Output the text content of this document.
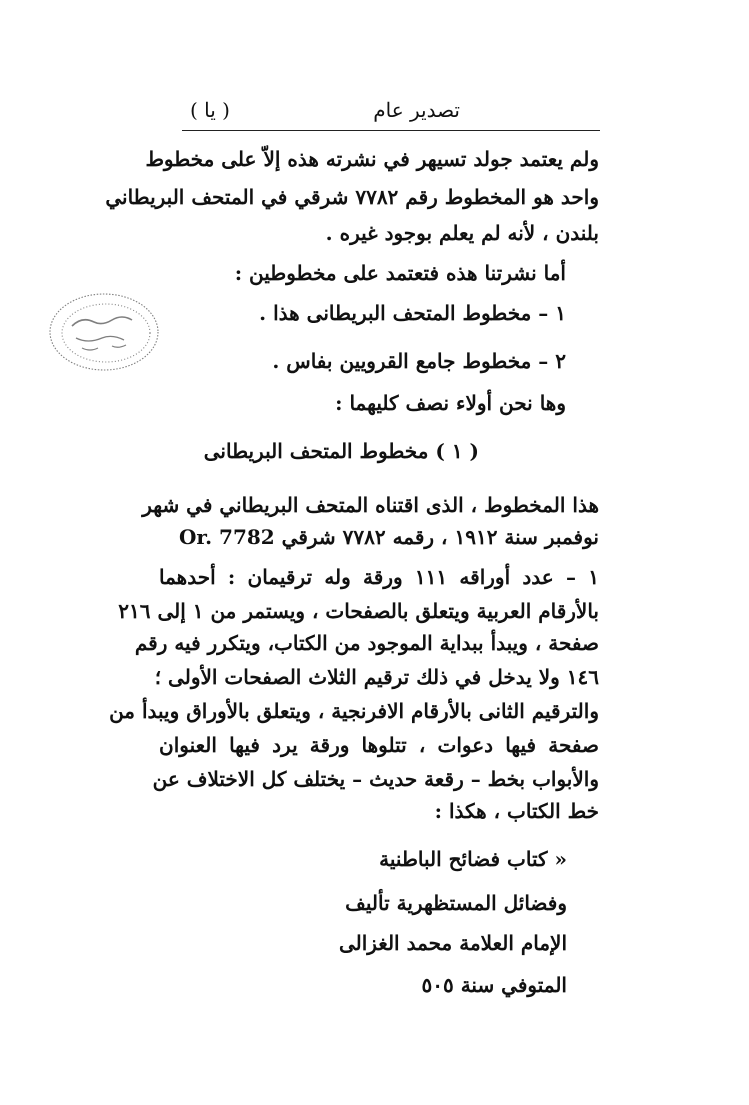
تصدير عام
( يا )
ولم يعتمد جولد تسيهر في نشرته هذه إلاّ على مخطوط
واحد هو المخطوط رقم ٧٧٨٢ شرقي في المتحف البريطاني
بلندن ، لأنه لم يعلم بوجود غيره .
أما نشرتنا هذه فتعتمد على مخطوطين :
١ – مخطوط المتحف البريطانى هذا .
٢ – مخطوط جامع القرويين بفاس .
وها نحن أولاء نصف كليهما :
( ١ ) مخطوط المتحف البريطانى
هذا المخطوط ، الذى اقتناه المتحف البريطاني في شهر
نوفمبر سنة ١٩١٢ ، رقمه ٧٧٨٢ شرقي Or. 7782
١ – عدد أوراقه ١١١ ورقة وله ترقيمان : أحدهما
بالأرقام العربية ويتعلق بالصفحات ، ويستمر من ١ إلى ٢١٦
صفحة ، ويبدأ ببداية الموجود من الكتاب، ويتكرر فيه رقم
١٤٦ ولا يدخل في ذلك ترقيم الثلاث الصفحات الأولى ؛
والترقيم الثانى بالأرقام الافرنجية ، ويتعلق بالأوراق ويبدأ من
صفحة فيها دعوات ، تتلوها ورقة يرد فيها العنوان
والأبواب بخط – رقعة حديث – يختلف كل الاختلاف عن
خط الكتاب ، هكذا :
« كتاب فضائح الباطنية
وفضائل المستظهرية تأليف
الإمام العلامة محمد الغزالى
المتوفي سنة ٥٠٥
